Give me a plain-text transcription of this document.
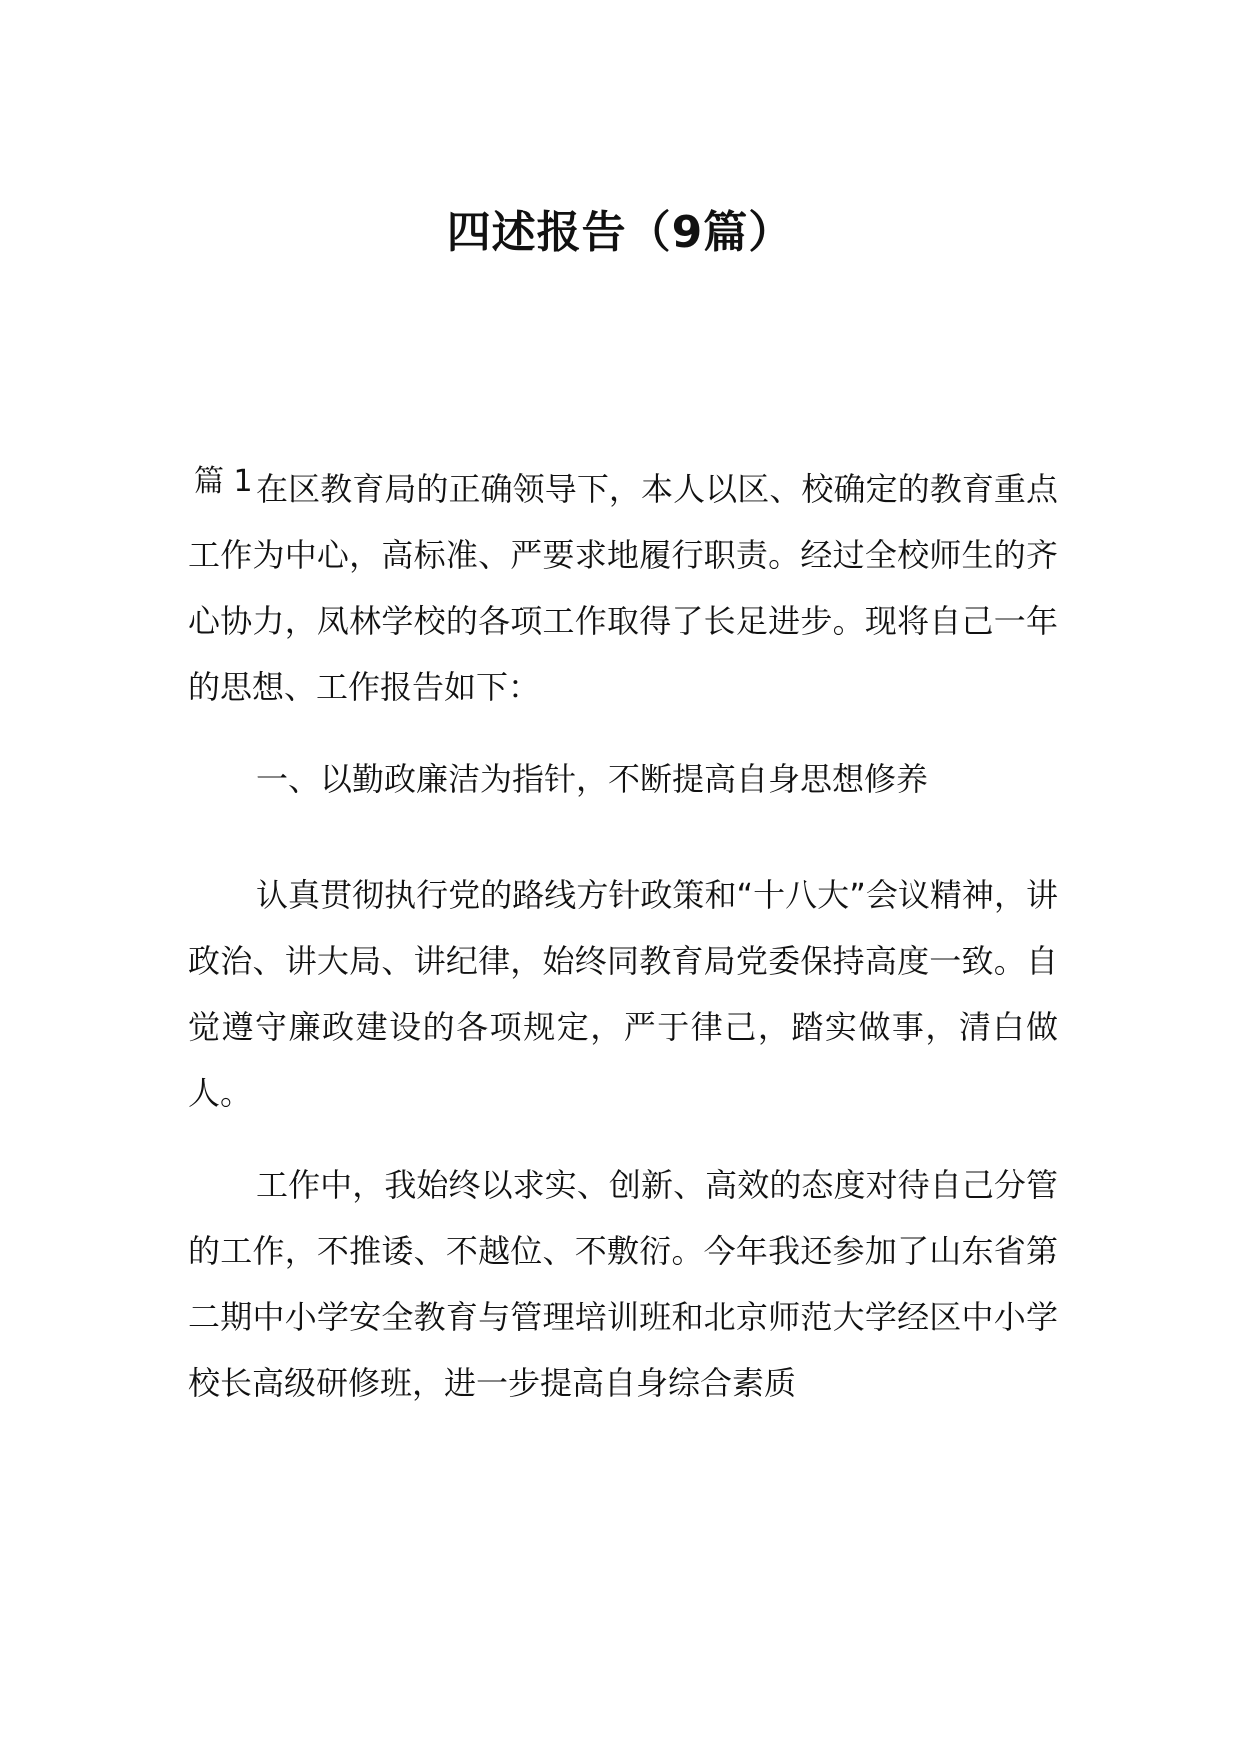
四述报告（9篇）
篇 1 在区教育局的正确领导下，本人以区、校确定的教育重点工作为中心，高标准、严要求地履行职责。经过全校师生的齐心协力，凤林学校的各项工作取得了长足进步。现将自己一年的思想、工作报告如下：

一、以勤政廉洁为指针，不断提高自身思想修养

认真贯彻执行党的路线方针政策和“十八大”会议精神，讲政治、讲大局、讲纪律，始终同教育局党委保持高度一致。自觉遵守廉政建设的各项规定，严于律己，踏实做事，清白做人。

工作中，我始终以求实、创新、高效的态度对待自己分管的工作，不推诿、不越位、不敷衍。今年我还参加了山东省第二期中小学安全教育与管理培训班和北京师范大学经区中小学校长高级研修班，进一步提高自身综合素质
